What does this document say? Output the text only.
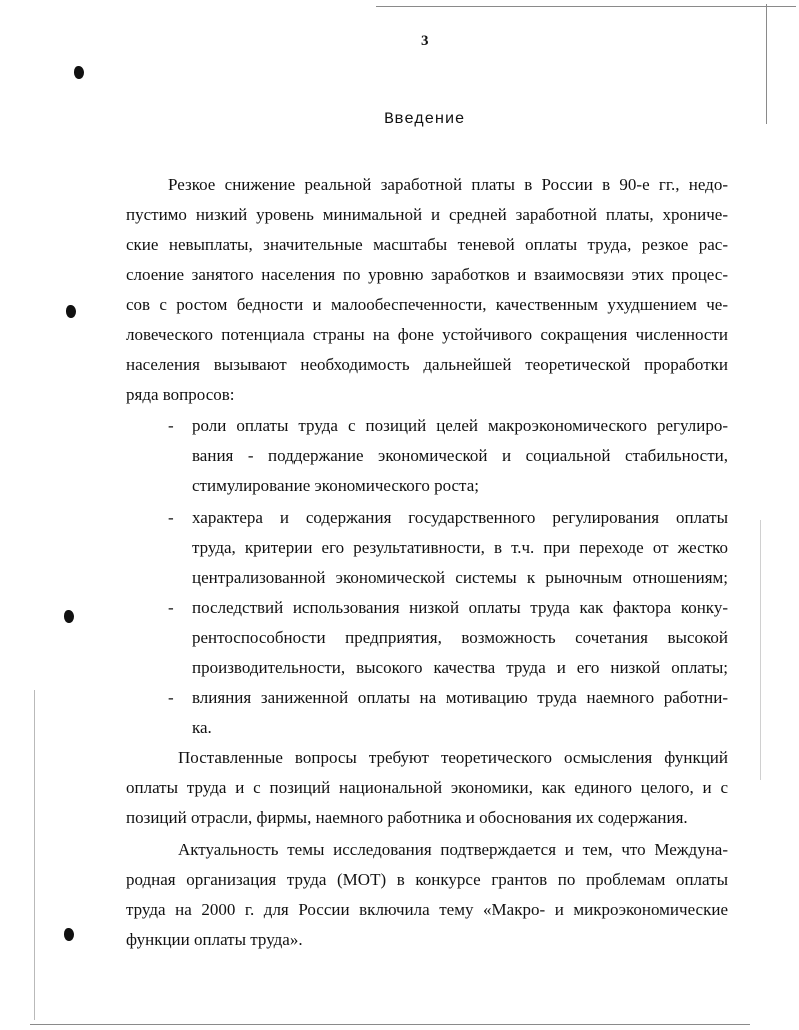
3
Введение
Резкое снижение реальной заработной платы в России в 90-е гг., недо-
пустимо низкий уровень минимальной и средней заработной платы, хрониче-
ские невыплаты, значительные масштабы теневой оплаты труда, резкое рас-
слоение занятого населения по уровню заработков и взаимосвязи этих процес-
сов с ростом бедности и малообеспеченности, качественным ухудшением че-
ловеческого потенциала страны на фоне устойчивого сокращения численности
населения вызывают необходимость дальнейшей теоретической проработки
ряда вопросов:
- роли оплаты труда с позиций целей макроэкономического регулиро-
вания - поддержание экономической и социальной стабильности,
стимулирование экономического роста;
- характера и содержания государственного регулирования оплаты
труда, критерии его результативности, в т.ч. при переходе от жестко
централизованной экономической системы к рыночным отношениям;
- последствий использования низкой оплаты труда как фактора конку-
рентоспособности предприятия, возможность сочетания высокой
производительности, высокого качества труда и его низкой оплаты;
- влияния заниженной оплаты на мотивацию труда наемного работни-
ка.
Поставленные вопросы требуют теоретического осмысления функций
оплаты труда и с позиций национальной экономики, как единого целого, и с
позиций отрасли, фирмы, наемного работника и обоснования их содержания.
Актуальность темы исследования подтверждается и тем, что Междуна-
родная организация труда (МОТ) в конкурсе грантов по проблемам оплаты
труда на 2000 г. для России включила тему «Макро- и микроэкономические
функции оплаты труда».
